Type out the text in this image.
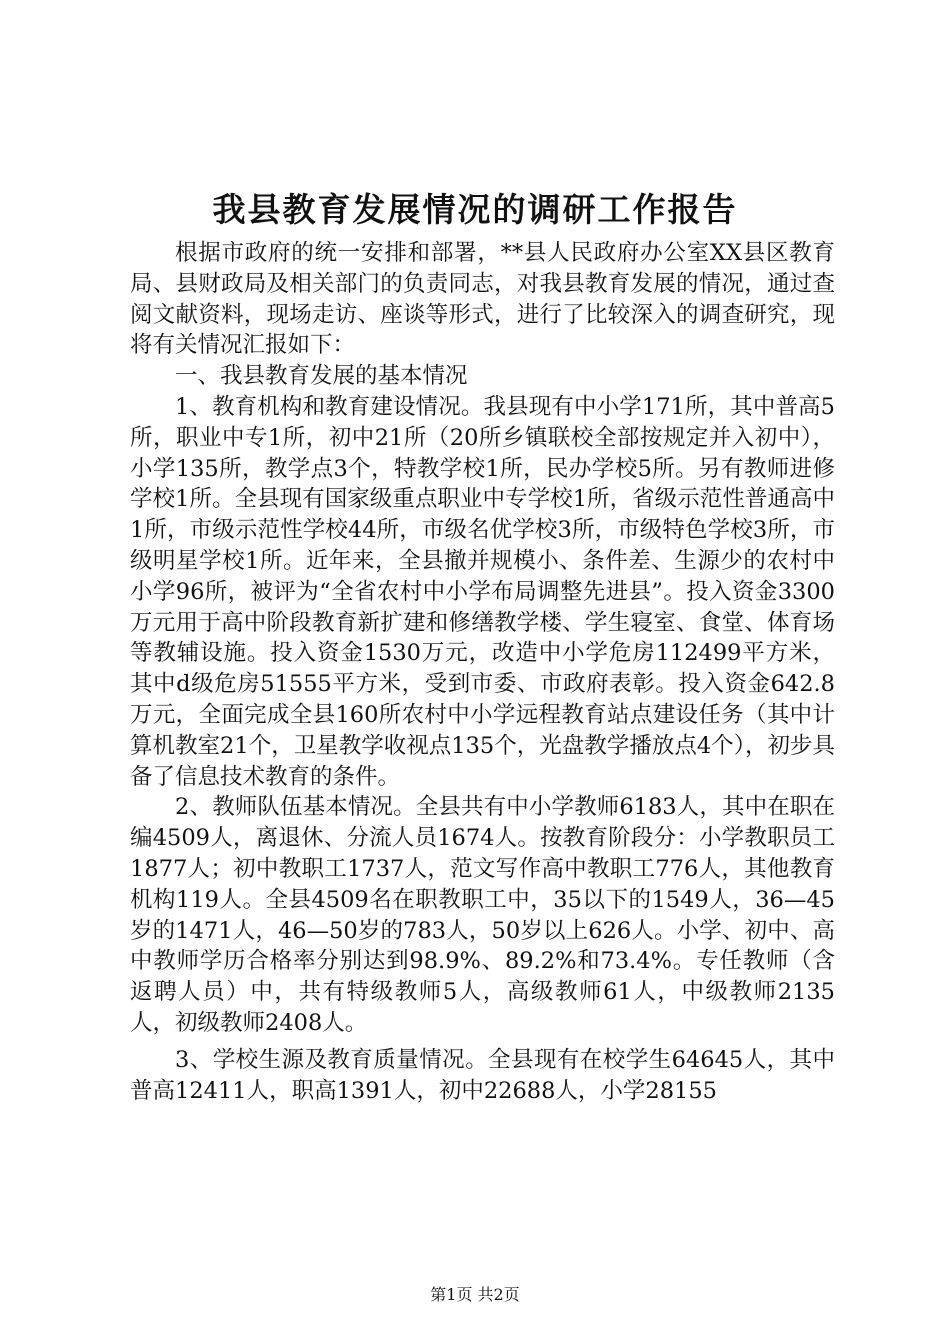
我县教育发展情况的调研工作报告

根据市政府的统一安排和部署，**县人民政府办公室XX县区教育局、县财政局及相关部门的负责同志，对我县教育发展的情况，通过查阅文献资料，现场走访、座谈等形式，进行了比较深入的调查研究，现将有关情况汇报如下：

一、我县教育发展的基本情况

1、教育机构和教育建设情况。我县现有中小学171所，其中普高5所，职业中专1所，初中21所（20所乡镇联校全部按规定并入初中），小学135所，教学点3个，特教学校1所，民办学校5所。另有教师进修学校1所。全县现有国家级重点职业中专学校1所，省级示范性普通高中1所，市级示范性学校44所，市级名优学校3所，市级特色学校3所，市级明星学校1所。近年来，全县撤并规模小、条件差、生源少的农村中小学96所，被评为“全省农村中小学布局调整先进县”。投入资金3300万元用于高中阶段教育新扩建和修缮教学楼、学生寝室、食堂、体育场等教辅设施。投入资金1530万元，改造中小学危房112499平方米，其中d级危房51555平方米，受到市委、市政府表彰。投入资金642.8万元，全面完成全县160所农村中小学远程教育站点建设任务（其中计算机教室21个，卫星教学收视点135个，光盘教学播放点4个），初步具备了信息技术教育的条件。

2、教师队伍基本情况。全县共有中小学教师6183人，其中在职在编4509人，离退休、分流人员1674人。按教育阶段分：小学教职员工1877人；初中教职工1737人，范文写作高中教职工776人，其他教育机构119人。全县4509名在职教职工中，35以下的1549人，36—45岁的1471人，46—50岁的783人，50岁以上626人。小学、初中、高中教师学历合格率分别达到98.9%、89.2%和73.4%。专任教师（含返聘人员）中，共有特级教师5人，高级教师61人，中级教师2135人，初级教师2408人。

3、学校生源及教育质量情况。全县现有在校学生64645人，其中普高12411人，职高1391人，初中22688人，小学28155

第1页 共2页
